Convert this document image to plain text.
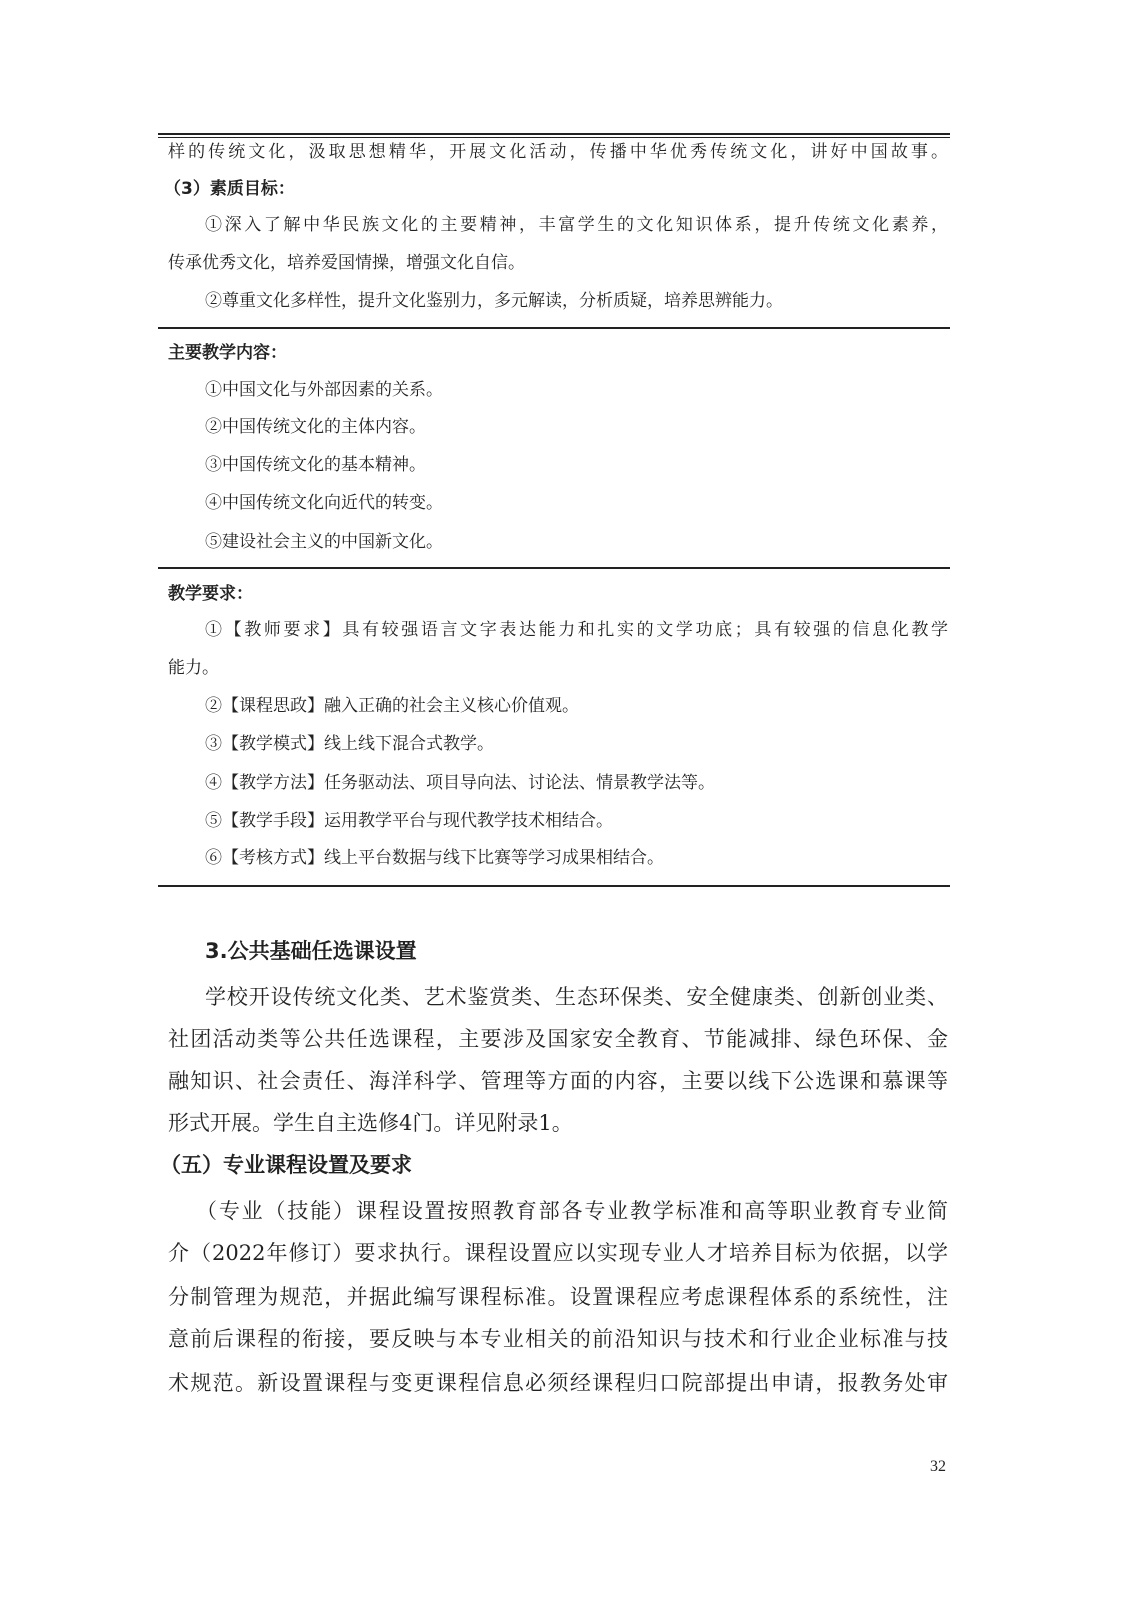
样的传统文化，汲取思想精华，开展文化活动，传播中华优秀传统文化，讲好中国故事。
（3）素质目标：
①深入了解中华民族文化的主要精神，丰富学生的文化知识体系，提升传统文化素养，
传承优秀文化，培养爱国情操，增强文化自信。
②尊重文化多样性，提升文化鉴别力，多元解读，分析质疑，培养思辨能力。
主要教学内容：
①中国文化与外部因素的关系。
②中国传统文化的主体内容。
③中国传统文化的基本精神。
④中国传统文化向近代的转变。
⑤建设社会主义的中国新文化。
教学要求：
①【教师要求】具有较强语言文字表达能力和扎实的文学功底；具有较强的信息化教学
能力。
②【课程思政】融入正确的社会主义核心价值观。
③【教学模式】线上线下混合式教学。
④【教学方法】任务驱动法、项目导向法、讨论法、情景教学法等。
⑤【教学手段】运用教学平台与现代教学技术相结合。
⑥【考核方式】线上平台数据与线下比赛等学习成果相结合。
3.公共基础任选课设置
学校开设传统文化类、艺术鉴赏类、生态环保类、安全健康类、创新创业类、
社团活动类等公共任选课程，主要涉及国家安全教育、节能减排、绿色环保、金
融知识、社会责任、海洋科学、管理等方面的内容，主要以线下公选课和慕课等
形式开展。学生自主选修4门。详见附录1。
（五）专业课程设置及要求
（专业（技能）课程设置按照教育部各专业教学标准和高等职业教育专业简
介（2022年修订）要求执行。课程设置应以实现专业人才培养目标为依据，以学
分制管理为规范，并据此编写课程标准。设置课程应考虑课程体系的系统性，注
意前后课程的衔接，要反映与本专业相关的前沿知识与技术和行业企业标准与技
术规范。新设置课程与变更课程信息必须经课程归口院部提出申请，报教务处审
32
